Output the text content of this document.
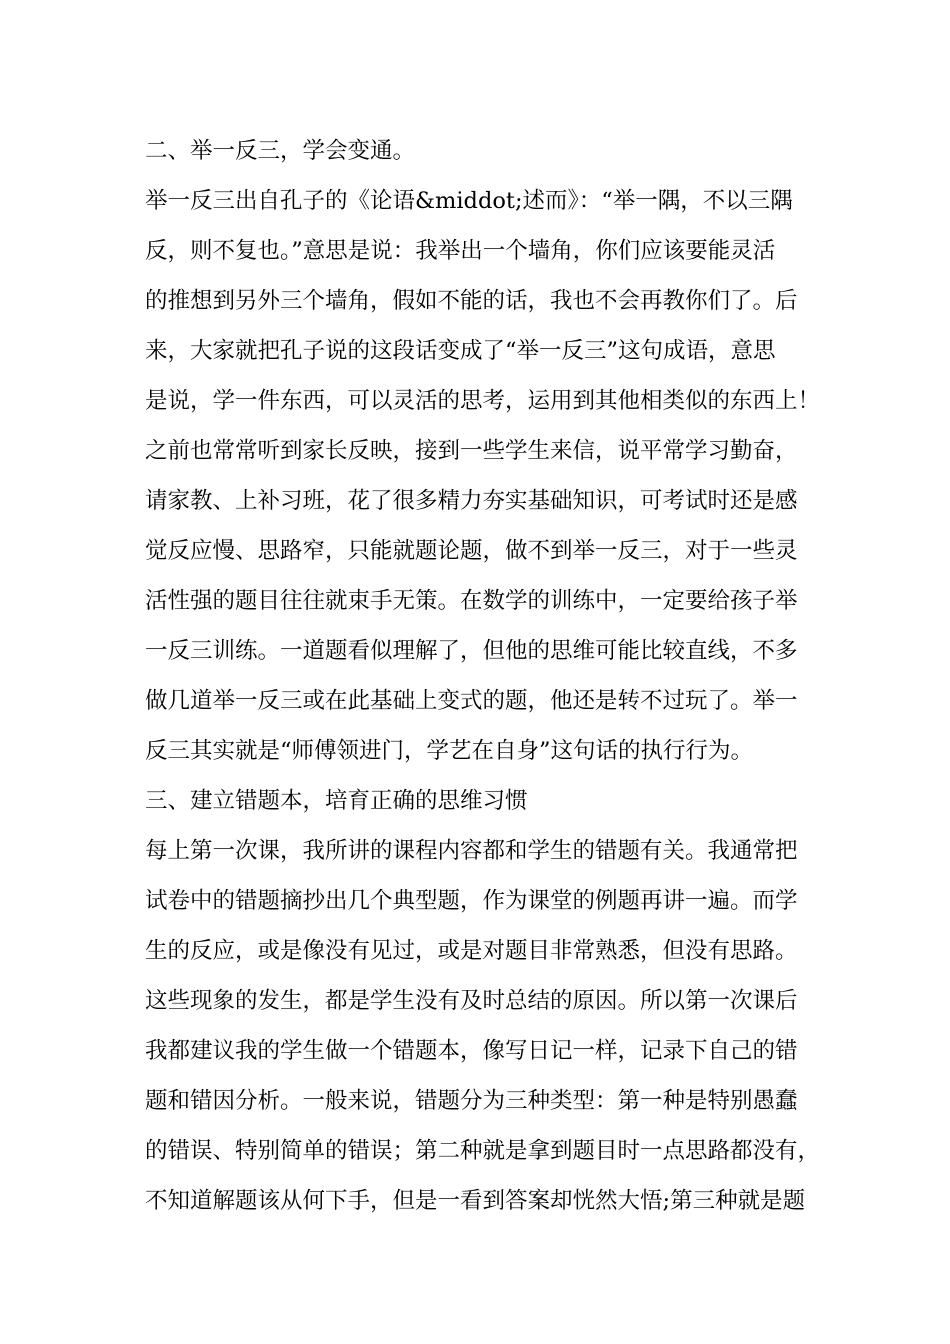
二、举一反三，学会变通。
举一反三出自孔子的《论语&middot;述而》：“举一隅，不以三隅
反，则不复也。”意思是说：我举出一个墙角，你们应该要能灵活
的推想到另外三个墙角，假如不能的话，我也不会再教你们了。后
来，大家就把孔子说的这段话变成了“举一反三”这句成语，意思
是说，学一件东西，可以灵活的思考，运用到其他相类似的东西上！
之前也常常听到家长反映，接到一些学生来信，说平常学习勤奋，
请家教、上补习班，花了很多精力夯实基础知识，可考试时还是感
觉反应慢、思路窄，只能就题论题，做不到举一反三，对于一些灵
活性强的题目往往就束手无策。在数学的训练中，一定要给孩子举
一反三训练。一道题看似理解了，但他的思维可能比较直线，不多
做几道举一反三或在此基础上变式的题，他还是转不过玩了。举一
反三其实就是“师傅领进门，学艺在自身”这句话的执行行为。
三、建立错题本，培育正确的思维习惯
每上第一次课，我所讲的课程内容都和学生的错题有关。我通常把
试卷中的错题摘抄出几个典型题，作为课堂的例题再讲一遍。而学
生的反应，或是像没有见过，或是对题目非常熟悉，但没有思路。
这些现象的发生，都是学生没有及时总结的原因。所以第一次课后
我都建议我的学生做一个错题本，像写日记一样，记录下自己的错
题和错因分析。一般来说，错题分为三种类型：第一种是特别愚蠢
的错误、特别简单的错误；第二种就是拿到题目时一点思路都没有，
不知道解题该从何下手，但是一看到答案却恍然大悟;第三种就是题
